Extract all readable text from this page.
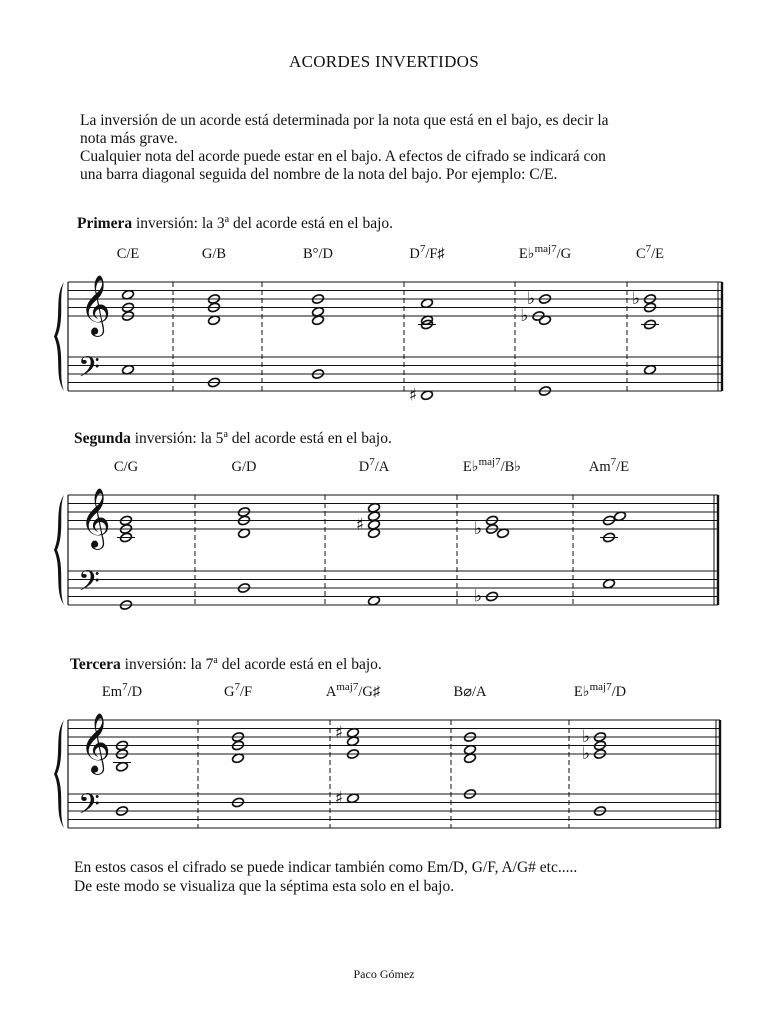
ACORDES INVERTIDOS
La inversión de un acorde está determinada por la nota que está en el bajo, es decir la
nota más grave.
Cualquier nota del acorde puede estar en el bajo. A efectos de cifrado se indicará con
una barra diagonal seguida del nombre de la nota del bajo. Por ejemplo: C/E.
Primera inversión: la 3$^a$ del acorde está en el bajo.
𝄞
𝄢
C/E	G/B	B°/D	$D^7/F♯$
♯
E♭$^{maj7}$/G
♭
♭
$C^7/E$
♭
Segunda inversión: la 5$^a$ del acorde está en el bajo.
𝄞
𝄢
C/G	G/D	$D^7/A$
♯
E♭$^{maj7}$/B♭
♭
♭
Am$^7$/E
Tercera inversión: la 7$^a$ del acorde está en el bajo.
𝄞
𝄢
Em$^7$/D	$G^7/F$	$A^{maj7}/G♯$
♯
♯
B⌀/A	E♭$^{maj7}$/D
♭
♭
En estos casos el cifrado se puede indicar también como Em/D, G/F, A/G# etc.....
De este modo se visualiza que la séptima esta solo en el bajo.
Paco Gómez
